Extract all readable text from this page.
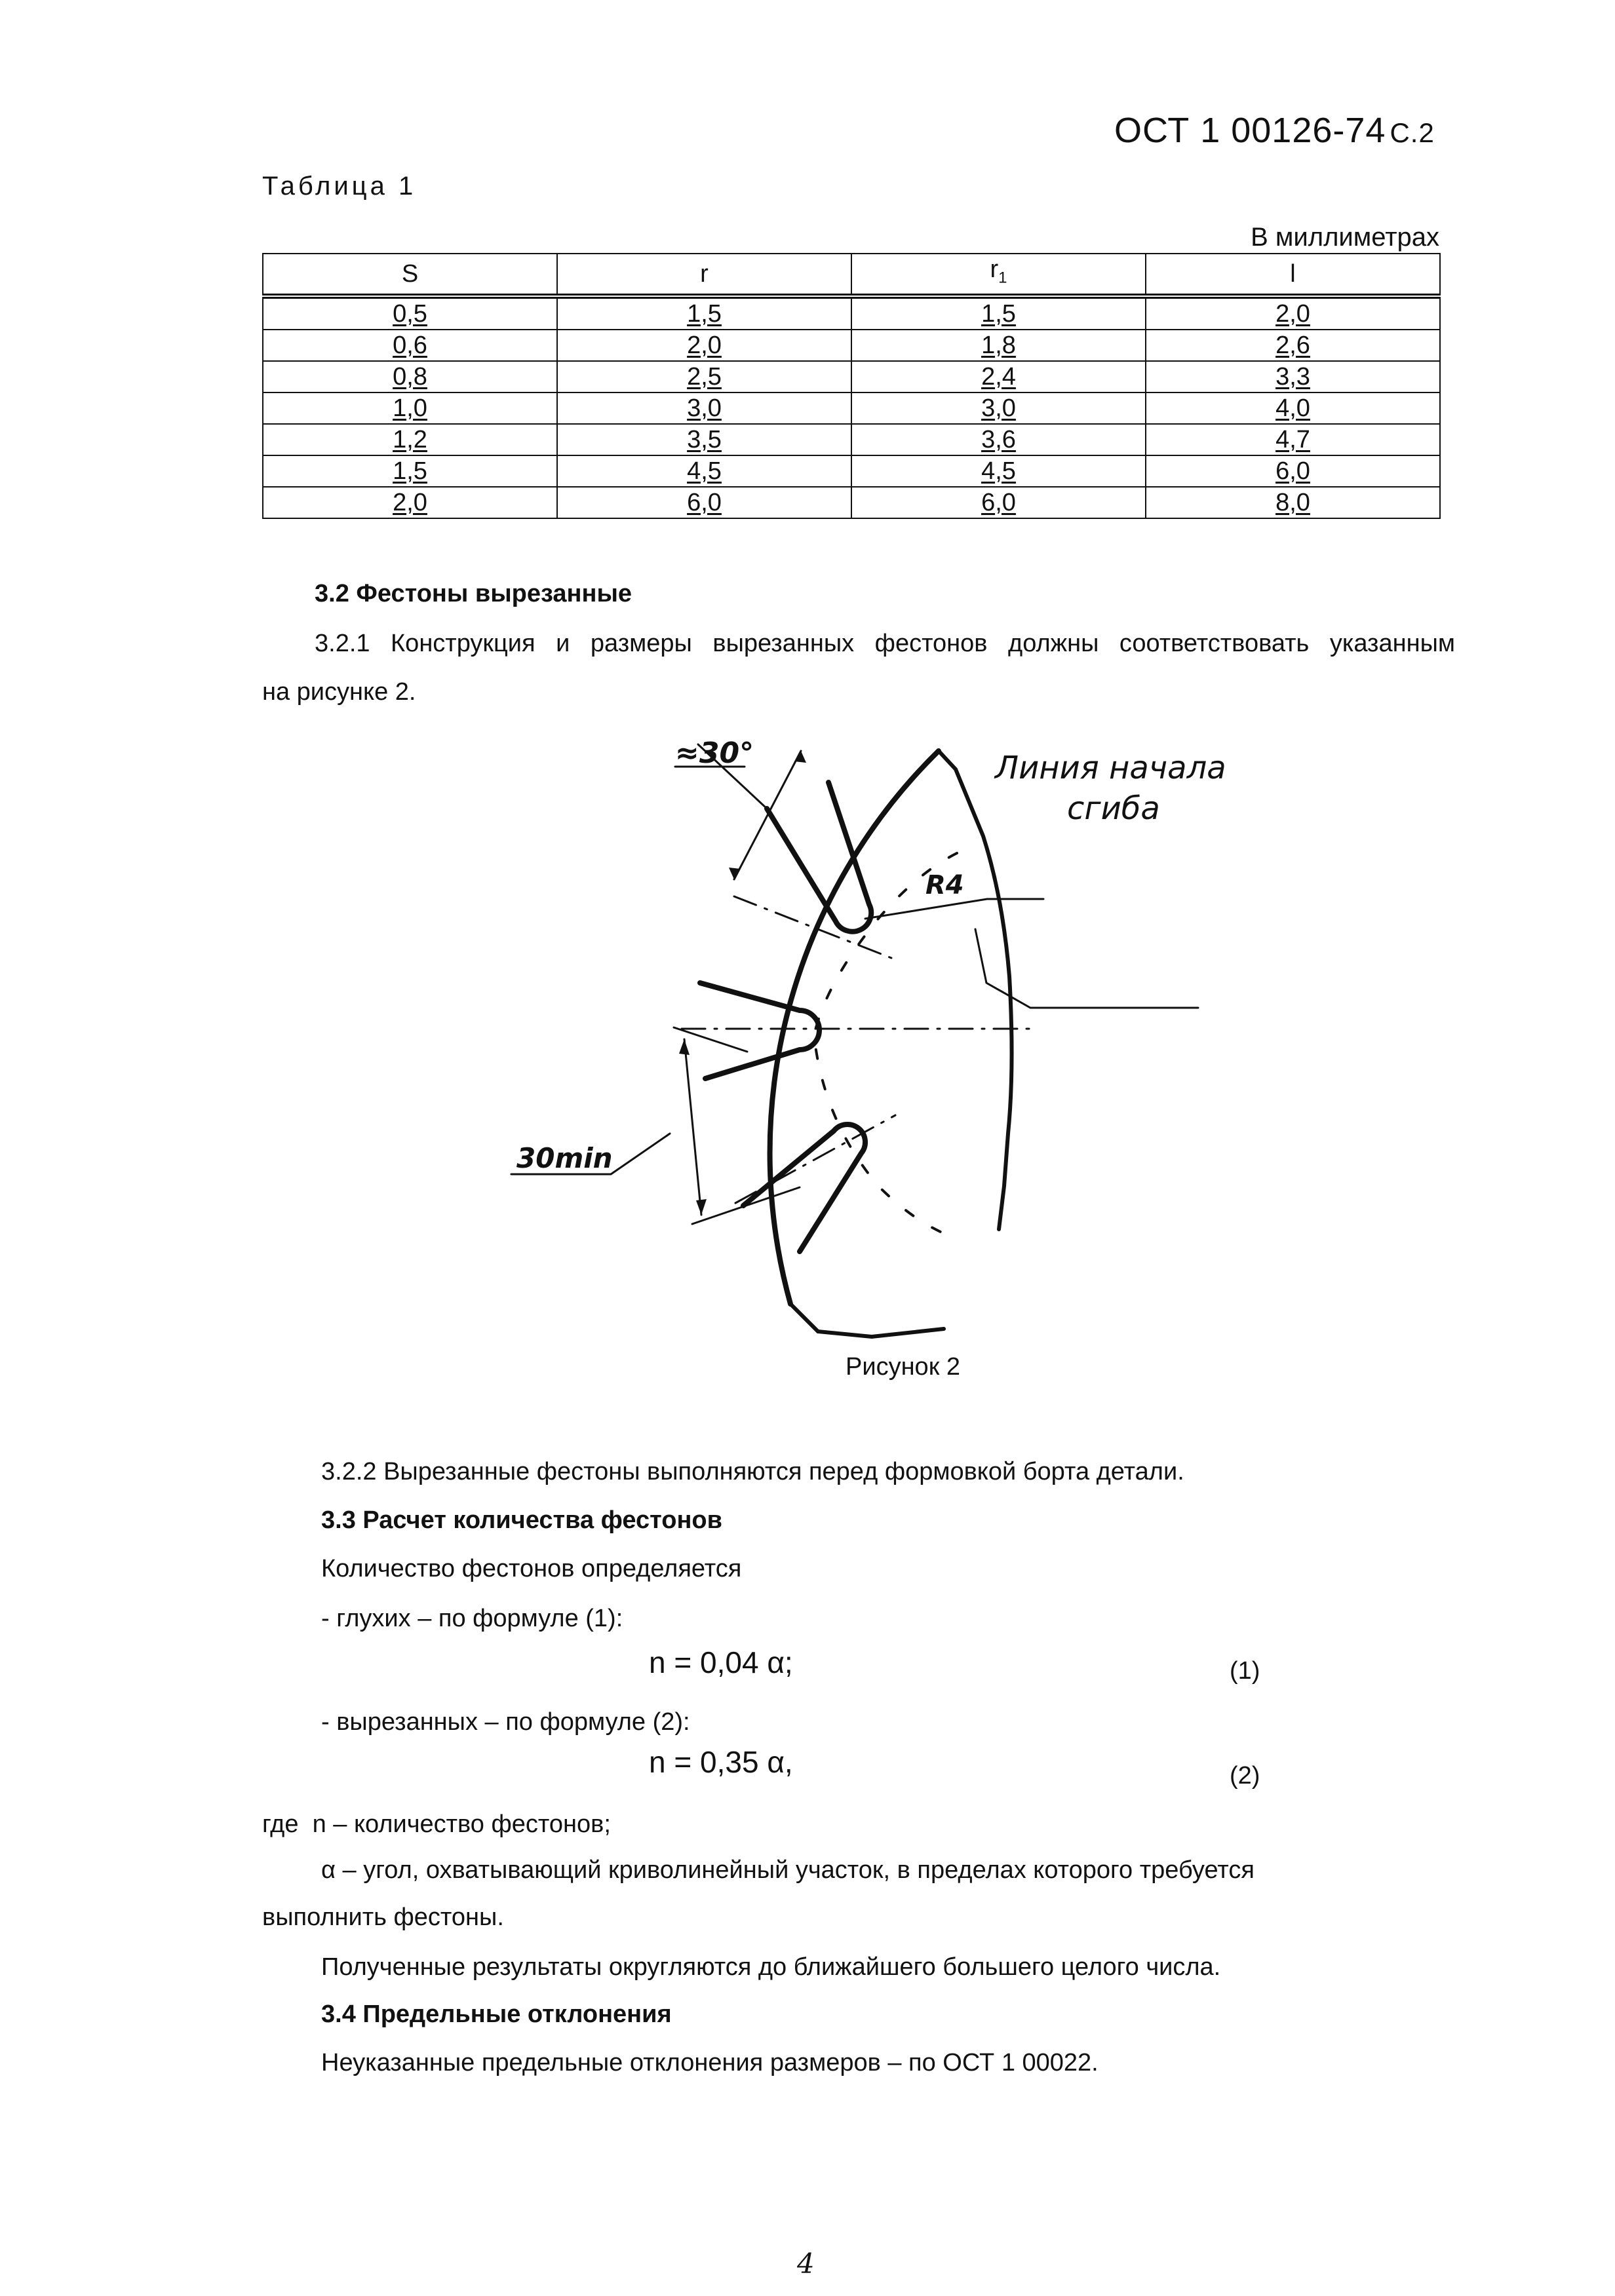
ОСТ 1 00126-74 С.2
Таблица 1
В миллиметрах
S	r	$r_1$	l
0,5	1,5	1,5	2,0
0,6	2,0	1,8	2,6
0,8	2,5	2,4	3,3
1,0	3,0	3,0	4,0
1,2	3,5	3,6	4,7
1,5	4,5	4,5	6,0
2,0	6,0	6,0	8,0
3.2 Фестоны вырезанные
3.2.1 Конструкция и размеры вырезанных фестонов должны соответствовать указанным
на рисунке 2.
≈30°	Линия начала
сгиба
R4
30min
Рисунок 2
3.2.2 Вырезанные фестоны выполняются перед формовкой борта детали.
3.3 Расчет количества фестонов
Количество фестонов определяется
- глухих – по формуле (1):
n = 0,04 α;	(1)
- вырезанных – по формуле (2):
n = 0,35 α,	(2)
где  n – количество фестонов;
α – угол, охватывающий криволинейный участок, в пределах которого требуется
выполнить фестоны.
Полученные результаты округляются до ближайшего большего целого числа.
3.4 Предельные отклонения
Неуказанные предельные отклонения размеров – по ОСТ 1 00022.
4
